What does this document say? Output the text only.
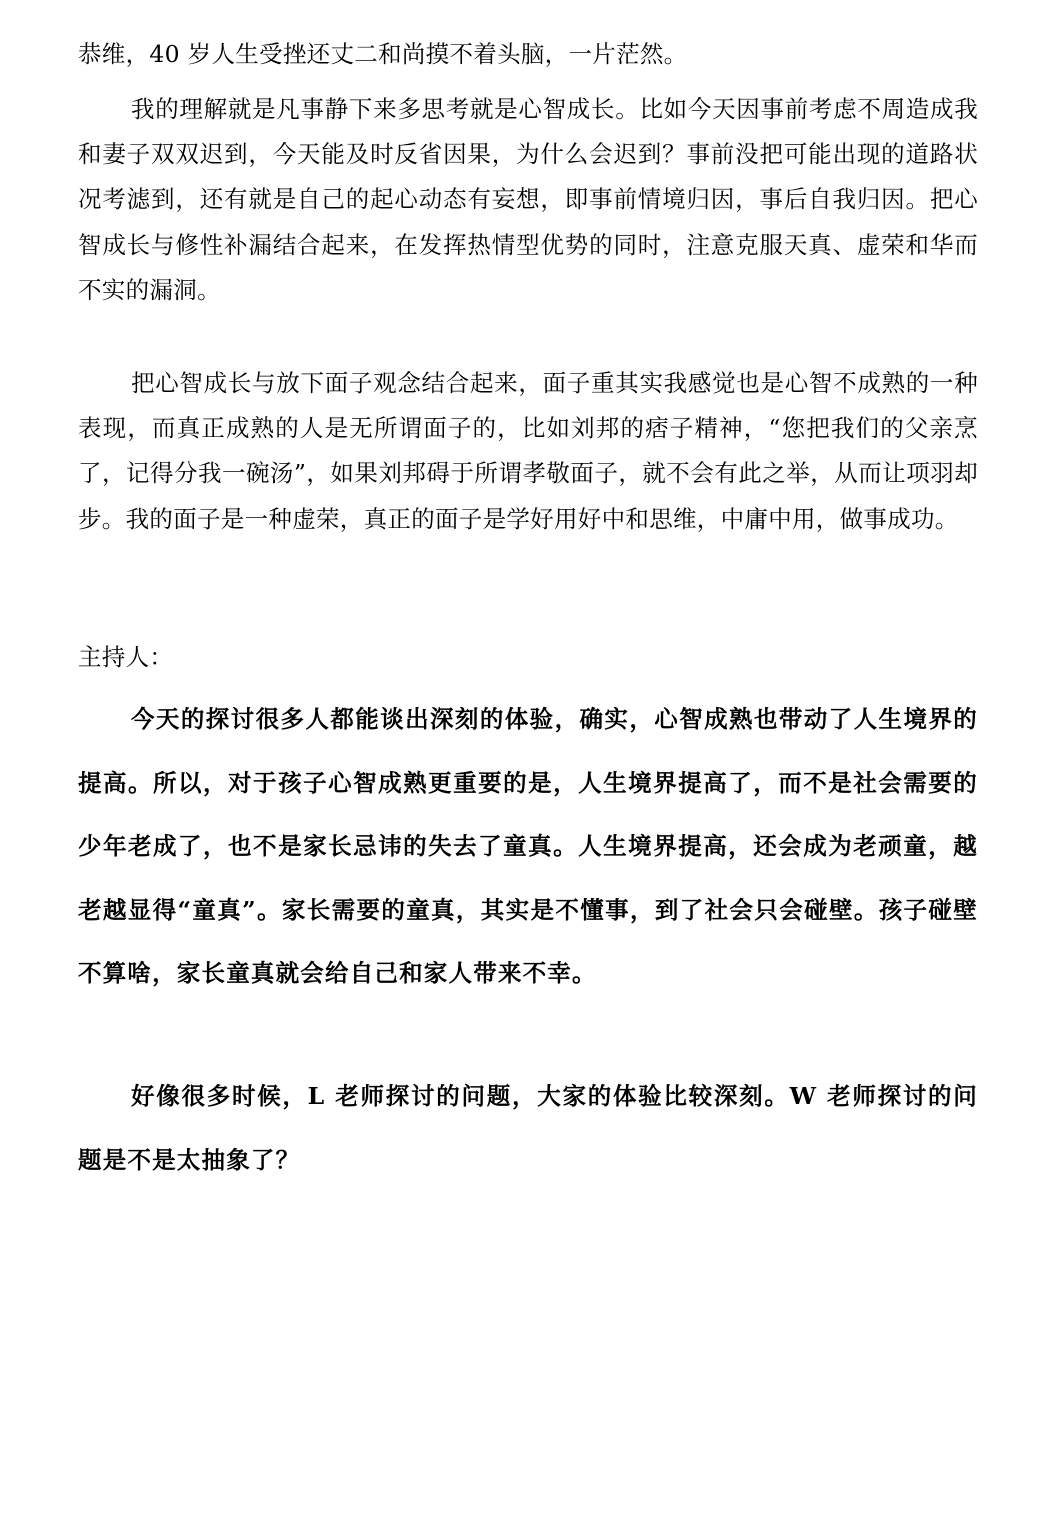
恭维，40 岁人生受挫还丈二和尚摸不着头脑，一片茫然。

我的理解就是凡事静下来多思考就是心智成长。比如今天因事前考虑不周造成我和妻子双双迟到，今天能及时反省因果，为什么会迟到？事前没把可能出现的道路状况考滤到，还有就是自己的起心动态有妄想，即事前情境归因，事后自我归因。把心智成长与修性补漏结合起来，在发挥热情型优势的同时，注意克服天真、虚荣和华而不实的漏洞。

把心智成长与放下面子观念结合起来，面子重其实我感觉也是心智不成熟的一种表现，而真正成熟的人是无所谓面子的，比如刘邦的痞子精神，“您把我们的父亲烹了，记得分我一碗汤”，如果刘邦碍于所谓孝敬面子，就不会有此之举，从而让项羽却步。我的面子是一种虚荣，真正的面子是学好用好中和思维，中庸中用，做事成功。

主持人：

今天的探讨很多人都能谈出深刻的体验，确实，心智成熟也带动了人生境界的提高。所以，对于孩子心智成熟更重要的是，人生境界提高了，而不是社会需要的少年老成了，也不是家长忌讳的失去了童真。人生境界提高，还会成为老顽童，越老越显得“童真”。家长需要的童真，其实是不懂事，到了社会只会碰壁。孩子碰壁不算啥，家长童真就会给自己和家人带来不幸。

好像很多时候，L 老师探讨的问题，大家的体验比较深刻。W 老师探讨的问题是不是太抽象了？
